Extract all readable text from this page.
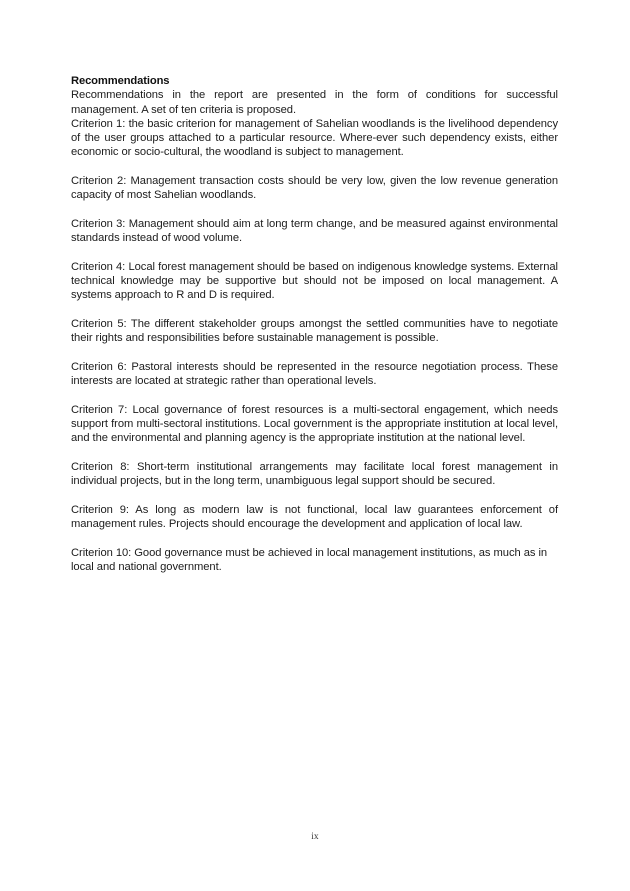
Recommendations

Recommendations in the report are presented in the form of conditions for successful management. A set of ten criteria is proposed.

Criterion 1: the basic criterion for management of Sahelian woodlands is the livelihood dependency of the user groups attached to a particular resource. Where-ever such dependency exists, either economic or socio-cultural, the woodland is subject to management.

Criterion 2: Management transaction costs should be very low, given the low revenue generation capacity of most Sahelian woodlands.

Criterion 3: Management should aim at long term change, and be measured against environmental standards instead of wood volume.

Criterion 4: Local forest management should be based on indigenous knowledge systems. External technical knowledge may be supportive but should not be imposed on local management. A systems approach to R and D is required.

Criterion 5: The different stakeholder groups amongst the settled communities have to negotiate their rights and responsibilities before sustainable management is possible.

Criterion 6: Pastoral interests should be represented in the resource negotiation process. These interests are located at strategic rather than operational levels.

Criterion 7: Local governance of forest resources is a multi-sectoral engagement, which needs support from multi-sectoral institutions. Local government is the appropriate institution at local level, and the environmental and planning agency is the appropriate institution at the national level.

Criterion 8: Short-term institutional arrangements may facilitate local forest management in individual projects, but in the long term, unambiguous legal support should be secured.

Criterion 9: As long as modern law is not functional, local law guarantees enforcement of management rules. Projects should encourage the development and application of local law.

Criterion 10: Good governance must be achieved in local management institutions, as much as in local and national government.

ix
